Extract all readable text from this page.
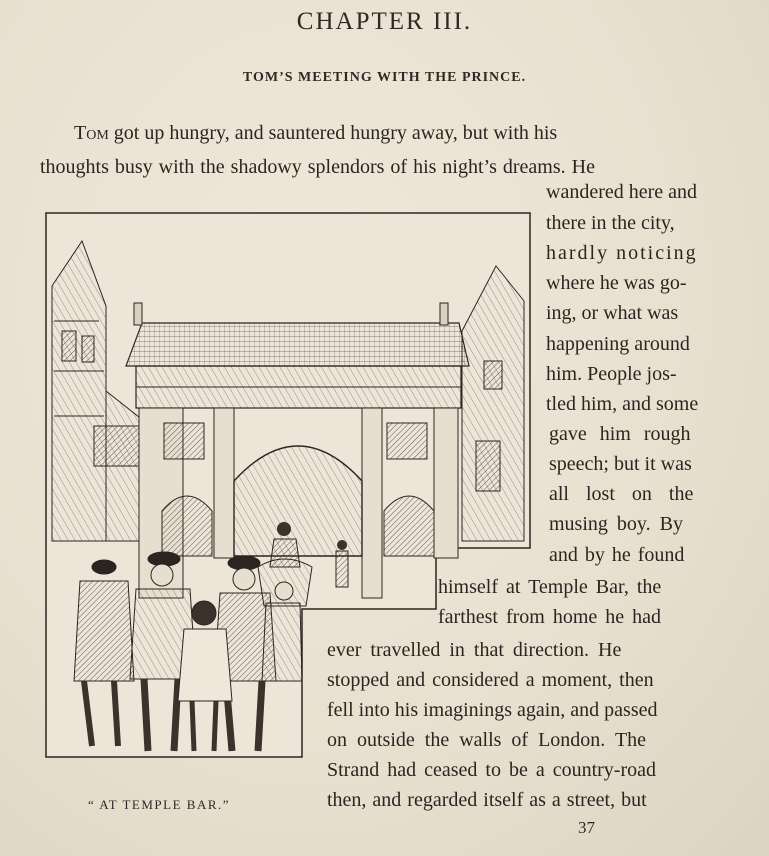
CHAPTER III.
TOM’S MEETING WITH THE PRINCE.
Tom got up hungry, and sauntered hungry away, but with his
thoughts busy with the shadowy splendors of his night’s dreams. He
wandered here and
there in the city,
hardly noticing
where he was go-
ing, or what was
happening around
him. People jos-
tled him, and some
gave him rough
speech; but it was
all lost on the
musing boy. By
and by he found
himself at Temple Bar, the
farthest from home he had
ever travelled in that direction. He
stopped and considered a moment, then
fell into his imaginings again, and passed
on outside the walls of London. The
Strand had ceased to be a country-road
then, and regarded itself as a street, but
“ AT TEMPLE BAR.”
37
